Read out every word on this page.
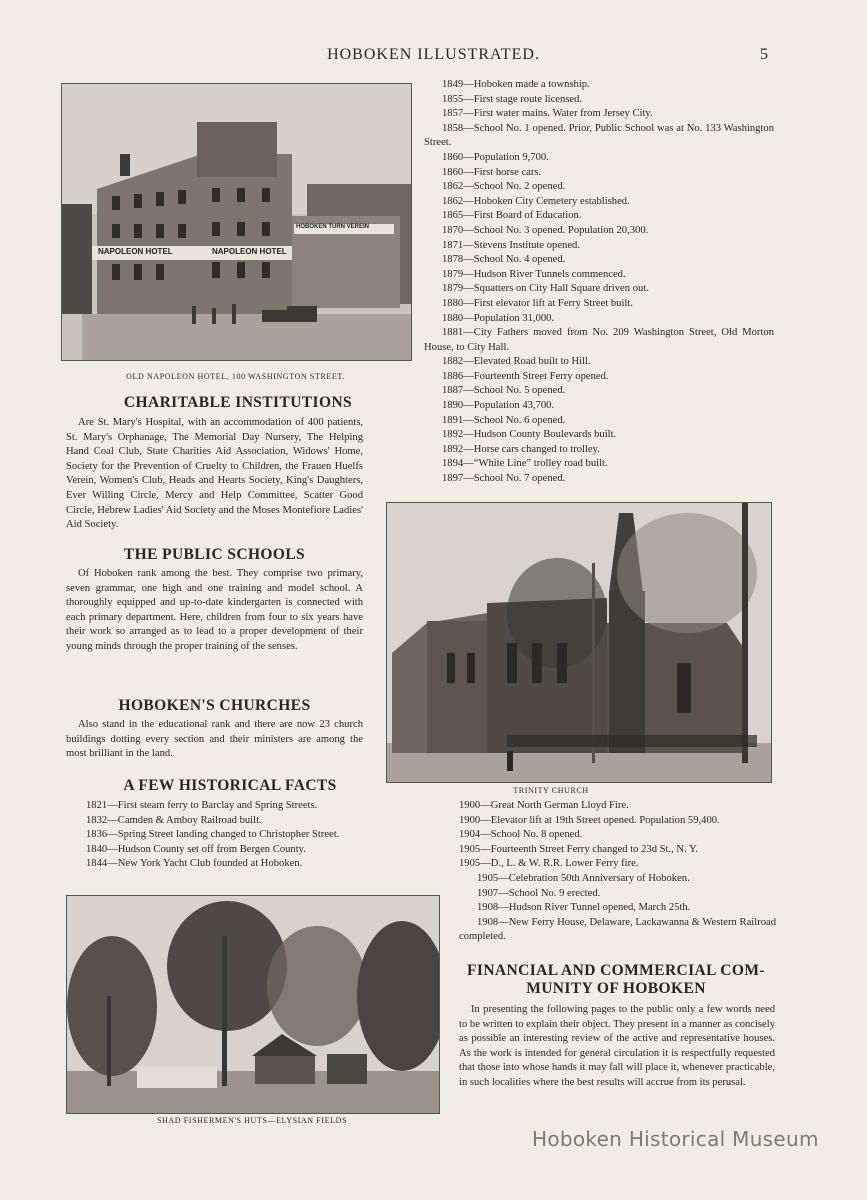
HOBOKEN ILLUSTRATED.	5
NAPOLEON HOTEL	NAPOLEON HOTEL
HOBOKEN TURN VEREIN
OLD NAPOLEON HOTEL, 100 WASHINGTON STREET.
CHARITABLE INSTITUTIONS
Are St. Mary's Hospital, with an accommodation of 400 patients, St. Mary's Orphanage, The Memorial Day Nursery, The Helping Hand Coal Club, State Charities Aid Association, Widows' Home, Society for the Prevention of Cruelty to Children, the Frauen Huelfs Verein, Women's Club, Heads and Hearts Society, King's Daughters, Ever Willing Circle, Mercy and Help Committee, Scatter Good Circle, Hebrew Ladies' Aid Society and the Moses Montefiore Ladies' Aid Society.
THE PUBLIC SCHOOLS
Of Hoboken rank among the best. They comprise two primary, seven grammar, one high and one training and model school. A thoroughly equipped and up-to-date kindergarten is connected with each primary department. Here, children from four to six years have their work so arranged as to lead to a proper development of their young minds through the proper training of the senses.
HOBOKEN'S CHURCHES
Also stand in the educational rank and there are now 23 church buildings dotting every section and their ministers are among the most brilliant in the land.
A FEW HISTORICAL FACTS
1821—First steam ferry to Barclay and Spring Streets.
1832—Camden & Amboy Railroad built.
1836—Spring Street landing changed to Christopher Street.
1840—Hudson County set off from Bergen County.
1844—New York Yacht Club founded at Hoboken.
1849—Hoboken made a township.
1855—First stage route licensed.
1857—First water mains. Water from Jersey City.
1858—School No. 1 opened. Prior, Public School was at No. 133 Washington Street.
1860—Population 9,700.
1860—First horse cars.
1862—School No. 2 opened.
1862—Hoboken City Cemetery established.
1865—First Board of Education.
1870—School No. 3 opened. Population 20,300.
1871—Stevens Institute opened.
1878—School No. 4 opened.
1879—Hudson River Tunnels commenced.
1879—Squatters on City Hall Square driven out.
1880—First elevator lift at Ferry Street built.
1880—Population 31,000.
1881—City Fathers moved from No. 209 Washington Street, Old Morton House, to City Hall.
1882—Elevated Road built to Hill.
1886—Fourteenth Street Ferry opened.
1887—School No. 5 opened.
1890—Population 43,700.
1891—School No. 6 opened.
1892—Hudson County Boulevards built.
1892—Horse cars changed to trolley.
1894—“White Line” trolley road built.
1897—School No. 7 opened.
TRINITY CHURCH
1900—Great North German Lloyd Fire.
1900—Elevator lift at 19th Street opened. Population 59,400.
1904—School No. 8 opened.
1905—Fourteenth Street Ferry changed to 23d St., N. Y.
1905—D., L. & W. R.R. Lower Ferry fire.
1905—Celebration 50th Anniversary of Hoboken.
1907—School No. 9 erected.
1908—Hudson River Tunnel opened, March 25th.
1908—New Ferry House, Delaware, Lackawanna & Western Railroad completed.
SHAD FISHERMEN'S HUTS—ELYSIAN FIELDS
FINANCIAL AND COMMERCIAL COM-
MUNITY OF HOBOKEN
In presenting the following pages to the public only a few words need to be written to explain their object. They present in a manner as concisely as possible an interesting review of the active and representative houses. As the work is intended for general circulation it is respectfully requested that those into whose hands it may fall will place it, whenever practicable, in such localities where the best results will accrue from its perusal.
Hoboken Historical Museum
